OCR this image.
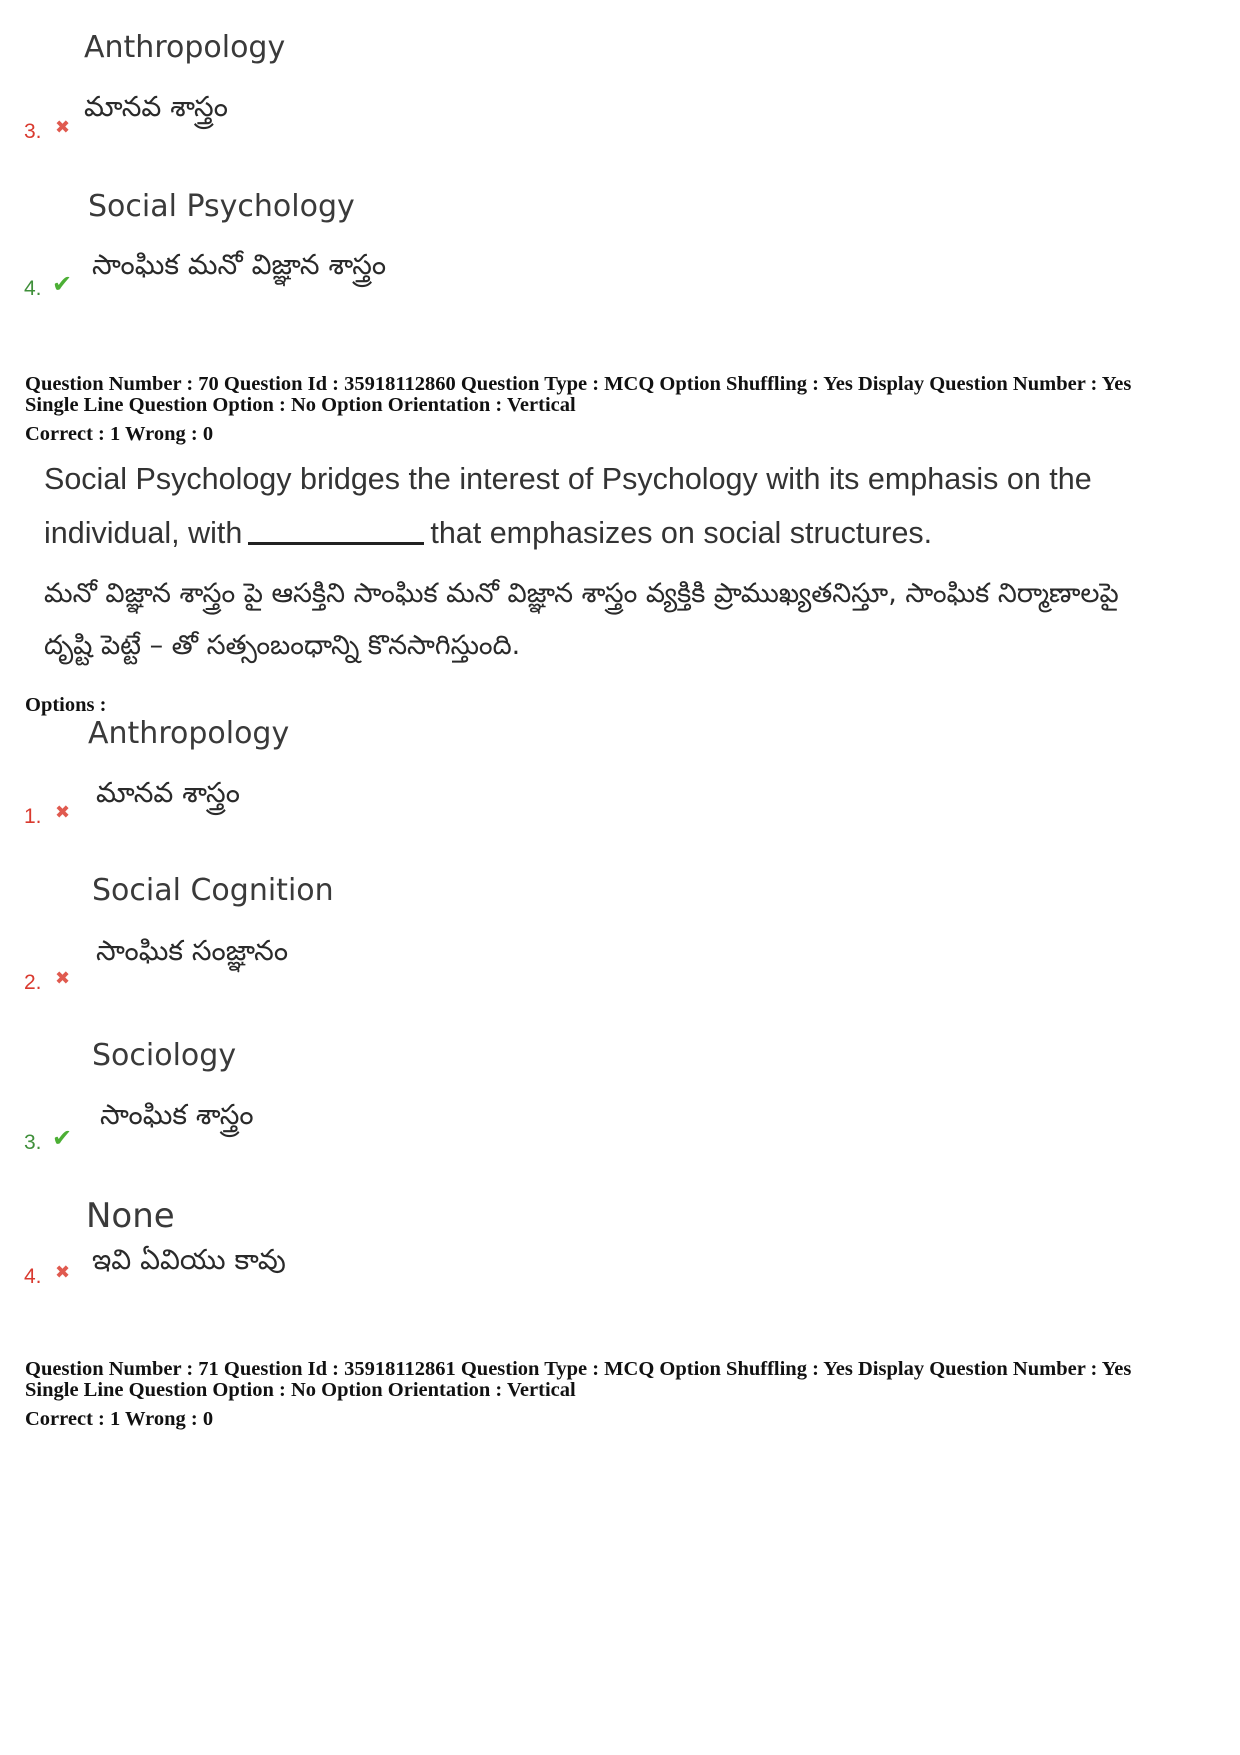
Anthropology
మానవ శాస్త్రం
3. ✖
Social Psychology
సాంఘిక మనో విజ్ఞాన శాస్త్రం
4. ✔
Question Number : 70 Question Id : 35918112860 Question Type : MCQ Option Shuffling : Yes Display Question Number : Yes
Single Line Question Option : No Option Orientation : Vertical
Correct : 1 Wrong : 0
Social Psychology bridges the interest of Psychology with its emphasis on the
individual, with	that emphasizes on social structures.
మనో విజ్ఞాన శాస్త్రం పై ఆసక్తిని సాంఘిక మనో విజ్ఞాన శాస్త్రం వ్యక్తికి ప్రాముఖ్యతనిస్తూ, సాంఘిక నిర్మాణాలపై
దృష్టి పెట్టే – తో సత్సంబంధాన్ని కొనసాగిస్తుంది.
Options :
Anthropology
మానవ శాస్త్రం
1. ✖
Social Cognition
సాంఘిక సంజ్ఞానం
2. ✖
Sociology
సాంఘిక శాస్త్రం
3. ✔
None
ఇవి ఏవియు కావు
4. ✖
Question Number : 71 Question Id : 35918112861 Question Type : MCQ Option Shuffling : Yes Display Question Number : Yes
Single Line Question Option : No Option Orientation : Vertical
Correct : 1 Wrong : 0
